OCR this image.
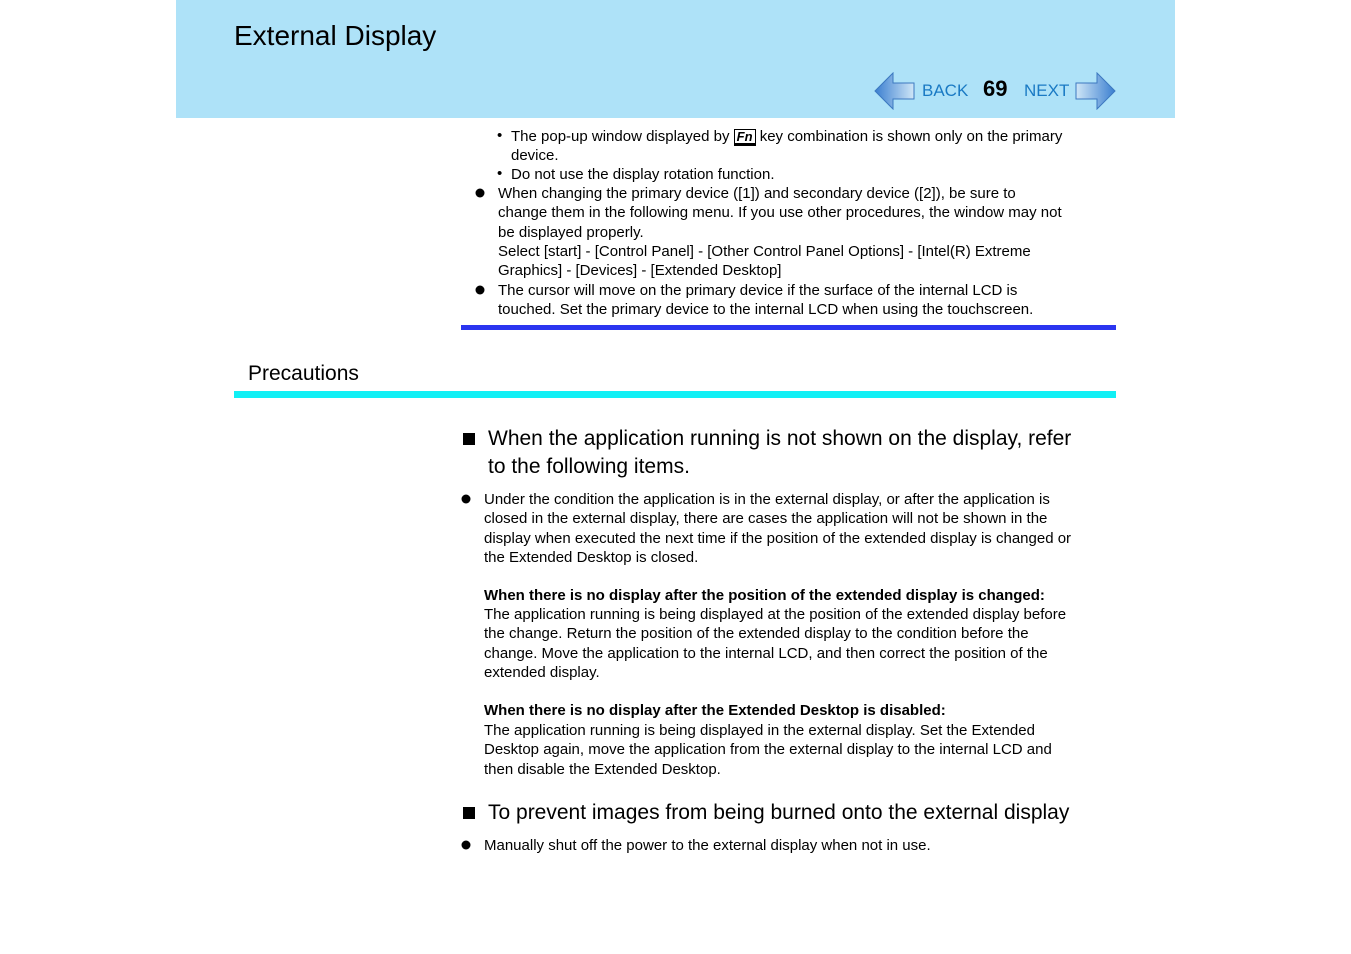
External Display
BACK 69 NEXT
• The pop-up window displayed by Fn key combination is shown only on the primary
device.

• Do not use the display rotation function.

When changing the primary device ([1]) and secondary device ([2]), be sure to
change them in the following menu. If you use other procedures, the window may not
be displayed properly.
Select [start] - [Control Panel] - [Other Control Panel Options] - [Intel(R) Extreme
Graphics] - [Devices] - [Extended Desktop]

The cursor will move on the primary device if the surface of the internal LCD is
touched. Set the primary device to the internal LCD when using the touchscreen.

Precautions

When the application running is not shown on the display, refer
to the following items.

Under the condition the application is in the external display, or after the application is
closed in the external display, there are cases the application will not be shown in the
display when executed the next time if the position of the extended display is changed or
the Extended Desktop is closed.

When there is no display after the position of the extended display is changed:

The application running is being displayed at the position of the extended display before
the change. Return the position of the extended display to the condition before the
change. Move the application to the internal LCD, and then correct the position of the
extended display.

When there is no display after the Extended Desktop is disabled:

The application running is being displayed in the external display. Set the Extended
Desktop again, move the application from the external display to the internal LCD and
then disable the Extended Desktop.

To prevent images from being burned onto the external display

Manually shut off the power to the external display when not in use.
